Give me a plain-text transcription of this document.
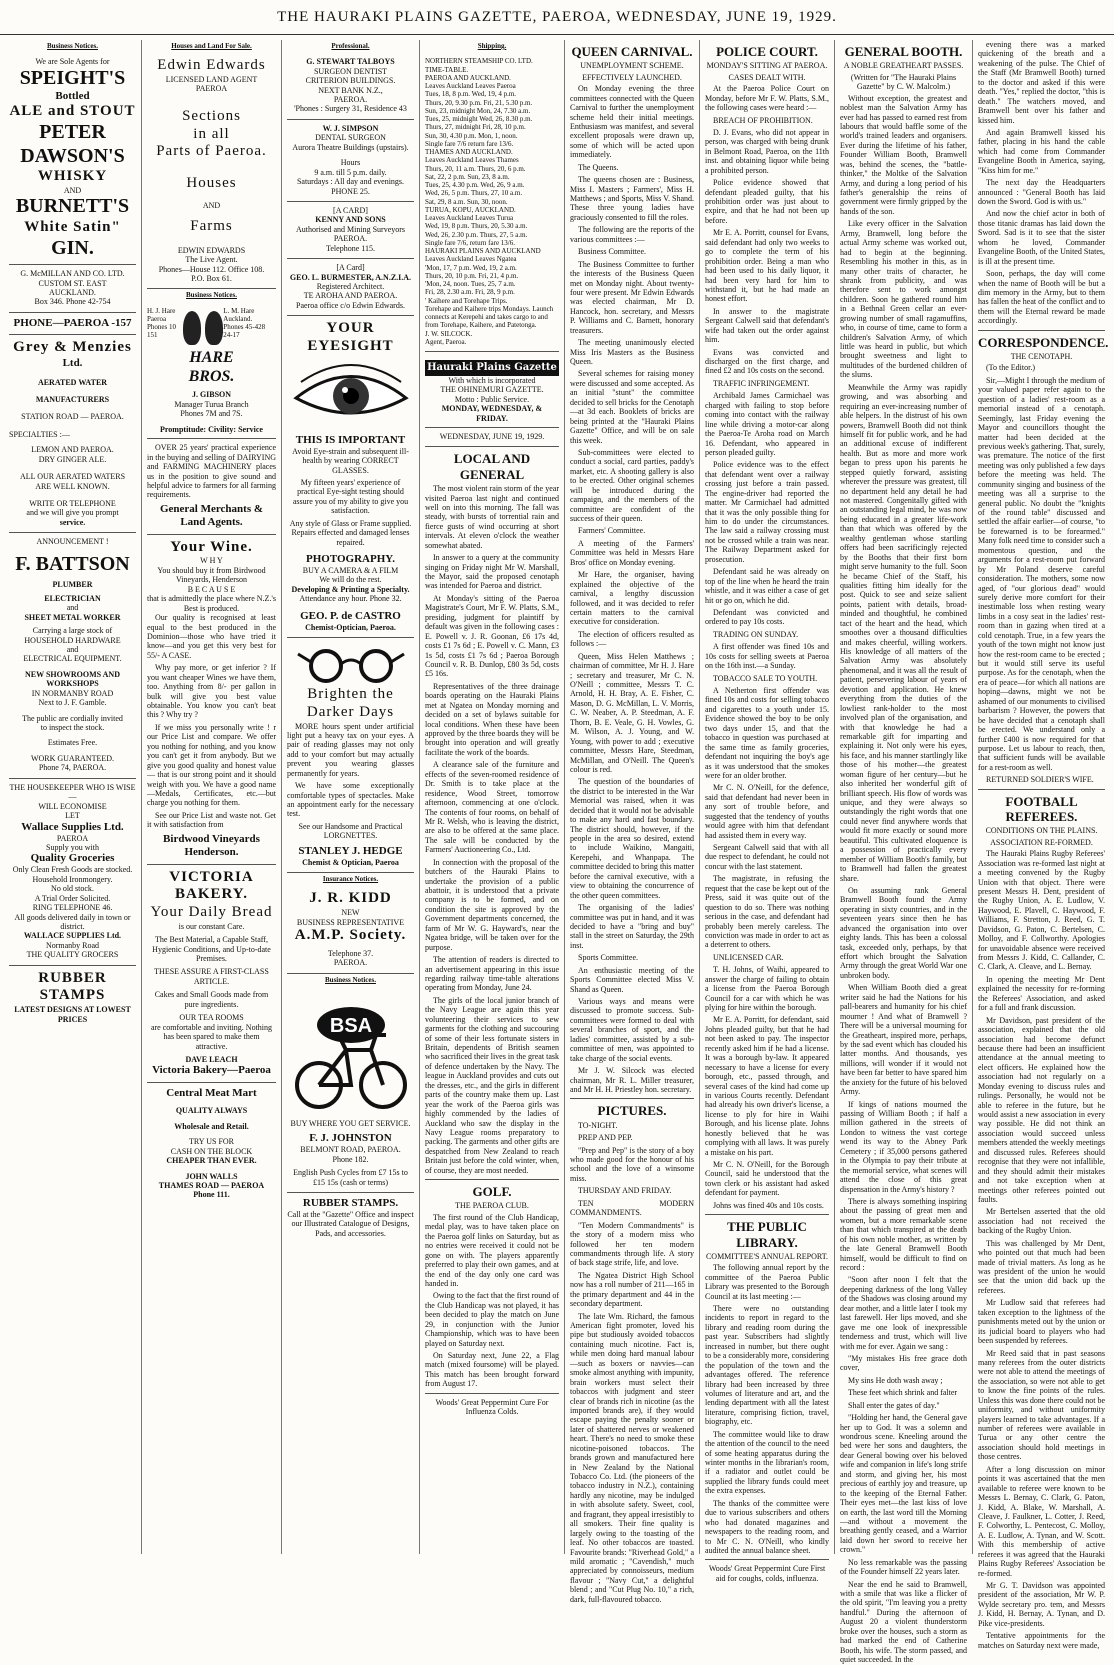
THE HAURAKI PLAINS GAZETTE, PAEROA, WEDNESDAY, JUNE 19, 1929.
Business Notices.
We are Sole Agents for
SPEIGHT'S
Bottled
ALE and STOUT
PETER
DAWSON'S
WHISKY
AND
BURNETT'S
White Satin"
GIN.
G. McMILLAN AND CO. LTD.
CUSTOM ST. EAST
AUCKLAND.
Box 346. Phone 42-754
PHONE—PAEROA -157
Grey & Menzies
Ltd.
AERATED WATER
MANUFACTURERS
STATION ROAD — PAEROA.
SPECIALTIES :—
LEMON AND PAEROA.
DRY GINGER ALE.
ALL OUR AERATED WATERS
ARE WELL KNOWN.
WRITE OR TELEPHONE
and we will give you prompt
service.
ANNOUNCEMENT !
F. BATTSON
PLUMBER
ELECTRICIAN
and
SHEET METAL WORKER
Carrying a large stock of
HOUSEHOLD HARDWARE
and
ELECTRICAL EQUIPMENT.
NEW SHOWROOMS AND WORKSHOPS
IN NORMANBY ROAD
Next to J. F. Gamble.
The public are cordially invited
to inspect the stock.
Estimates Free.
WORK GUARANTEED.
Phone 74, PAEROA.
THE HOUSEKEEPER WHO IS WISE—
WILL ECONOMISE
LET
Wallace Supplies Ltd.
PAEROA
Supply you with
Quality Groceries
Only Clean Fresh Goods are stocked.
Household Ironmongery.
No old stock.
A Trial Order Solicited.
RING TELEPHONE 46.
All goods delivered daily in town or district.
WALLACE SUPPLIES Ltd.
Normanby Road
THE QUALITY GROCERS
RUBBER STAMPS
LATEST DESIGNS AT LOWEST PRICES
Houses and Land For Sale.
Edwin Edwards
LICENSED LAND AGENT
PAEROA
Sections
in all
Parts of Paeroa.
Houses
AND
Farms
EDWIN EDWARDS
The Live Agent.
Phones—House 112. Office 108.
P.O. Box 61.
Business Notices.
H. J. Hare
Paeroa
Phones 10 151
L. M. Hare
Auckland.
Phones 45-428 24-17
HARE
BROS.
J. GIBSON
Manager Turua Branch
Phones 7M and 7S.
Promptitude: Civility: Service

OVER 25 years' practical experience in the buying and selling of DAIRYING and FARMING MACHINERY places us in the position to give sound and helpful advice to farmers for all farming requirements.

General Merchants & Land Agents.
Your Wine.
W H Y
You should buy it from Birdwood Vineyards, Henderson
B E C A U S E
that is admittedly the place where N.Z.'s Best is produced.

Our quality is recognised at least equal to the best produced in the Dominion—those who have tried it know—and you get this very best for 55/- A CASE.

Why pay more, or get inferior ? If you want cheaper Wines we have them, too. Anything from 8/- per gallon in bulk will give you best value obtainable. You know you can't beat this ? Why try ?

If we miss you personally write ! r our Price List and compare. We offer you nothing for nothing, and you know you can't get it from anybody. But we give you good quality and honest value — that is our strong point and it should weigh with you. We have a good name—Medals, Certificates, etc.—but charge you nothing for them.

See our Price List and waste not. Get it with satisfaction from

Birdwood Vineyards
Henderson.
VICTORIA BAKERY.
Your Daily Bread
is our constant Care.
The Best Material, a Capable Staff, Hygienic Conditions, and Up-to-date Premises.
THESE ASSURE A FIRST-CLASS ARTICLE.
Cakes and Small Goods made from pure ingredients.
OUR TEA ROOMS
are comfortable and inviting. Nothing has been spared to make them attractive.
DAVE LEACH
Victoria Bakery—Paeroa
Central Meat Mart
QUALITY ALWAYS
Wholesale and Retail.
TRY US FOR
CASH ON THE BLOCK
CHEAPER THAN EVER.
JOHN WALLS
THAMES ROAD — PAEROA
Phone 111.
Professional.
G. STEWART TALBOYS
SURGEON DENTIST
CRITERION BUILDINGS.
NEXT BANK N.Z.,
PAEROA.
'Phones : Surgery 31, Residence 43
W. J. SIMPSON
DENTAL SURGEON
Aurora Theatre Buildings (upstairs).
Hours
9 a.m. till 5 p.m. daily.
Saturdays : All day and evenings.
PHONE 25.
[A CARD]
KENNY AND SONS
Authorised and Mining Surveyors
PAEROA.
Telephone 115.
[A Card]
GEO. L. BURMESTER, A.N.Z.I.A.
Registered Architect.
TE AROHA AND PAEROA.
Paeroa office c/o Edwin Edwards.
YOUR EYESIGHT
THIS IS IMPORTANT
Avoid Eye-strain and subsequent ill-health by wearing CORRECT GLASSES.
My fifteen years' experience of practical Eye-sight testing should assure you of my ability to give you satisfaction.
Any style of Glass or Frame supplied.
Repairs effected and damaged lenses repaired.
PHOTOGRAPHY.
BUY A CAMERA & A FILM
We will do the rest.
Developing & Printing a Specialty.
Attendance any hour. Phone 32.
GEO. P. de CASTRO
Chemist-Optician, Paeroa.
Brighten the
Darker Days

MORE hours spent under artificial light put a heavy tax on your eyes. A pair of reading glasses may not only add to your comfort but may actually prevent you wearing glasses permanently for years.

We have some exceptionally comfortable types of spectacles. Make an appointment early for the necessary test.

See our Handsome and Practical LORGNETTES.
STANLEY J. HEDGE
Chemist & Optician, Paeroa
Insurance Notices.
J. R. KIDD
NEW
BUSINESS REPRESENTATIVE
A.M.P. Society.
Telephone 37.
PAEROA.
Business Notices.
BSA
BUY WHERE YOU GET SERVICE.
F. J. JOHNSTON
BELMONT ROAD, PAEROA.
Phone 182.
English Push Cycles from £7 15s to £15 15s (cash or terms)
RUBBER STAMPS.
Call at the "Gazette" Office and inspect our Illustrated Catalogue of Designs, Pads, and accessories.
Shipping.
NORTHERN STEAMSHIP CO. LTD.
TIME-TABLE.
PAEROA AND AUCKLAND.
Leaves Auckland Leaves Paeroa
Tues, 18, 8 p.m. Wed, 19, 4 p.m.
Thurs, 20, 9.30 p.m. Fri, 21, 5.30 p.m.
Sun, 23, midnight Mon, 24, 7.30 a.m.
Tues, 25, midnight Wed, 26, 8.30 p.m.
Thurs, 27, midnight Fri, 28, 10 p.m.
Sun, 30, 4.30 p.m. Mon, 1, noon.
Single fare 7/6 return fare 13/6.
THAMES AND AUCKLAND.
Leaves Auckland Leaves Thames
Thurs, 20, 11 a.m. Thurs, 20, 6 p.m.
Sat, 22, 2 p.m. Sun, 23, 8 a.m.
Tues, 25, 4.30 p.m. Wed, 26, 9 a.m.
Wed, 26, 5 p.m. Thurs, 27, 10 a.m.
Sat, 29, 8 a.m. Sun, 30, noon.
TURUA, KOPU, AUCKLAND.
Leaves Auckland Leaves Turua
Wed, 19, 8 p.m. Thurs, 20, 5.30 a.m.
Wed, 26, 2.30 p.m. Thurs, 27, 5 a.m.
Single fare 7/6, return fare 13/6.
HAURAKI PLAINS AND AUCKLAND
Leaves Auckland Leaves Ngatea
'Mon, 17, 7 p.m. Wed, 19, 2 a.m.
Thurs, 20, 10 p.m. Fri, 21, 4 p.m.
'Mon, 24, noon. Tues, 25, 7 a.m.
Fri, 28, 2.30 a.m. Fri, 28, 9 p.m.
' Kaihere and Torehape Trips.
Torehape and Kaihere trips Mondays. Launch connects at Kerepehi and takes cargo to and from Torehape, Kaihere, and Patetonga.
J. W. SILCOCK.
Agent, Paeroa.
Hauraki Plains Gazette
With which is incorporated
THE OHINEMURI GAZETTE.
Motto : Public Service.
MONDAY, WEDNESDAY, & FRIDAY.
WEDNESDAY, JUNE 19, 1929.
LOCAL AND GENERAL

The most violent rain storm of the year visited Paeroa last night and continued well on into this morning. The fall was steady, with bursts of torrential rain and fierce gusts of wind occurring at short intervals. At eleven o'clock the weather somewhat abated.

In answer to a query at the community singing on Friday night Mr W. Marshall, the Mayor, said the proposed cenotaph was intended for Paeroa and district.

At Monday's sitting of the Paeroa Magistrate's Court, Mr F. W. Platts, S.M., presiding, judgment for plaintiff by default was given in the following cases : E. Powell v. J. R. Goonan, £6 17s 4d, costs £1 7s 6d ; E. Powell v. C. Mann, £3 1s 5d, costs £1 7s 6d ; Paeroa Borough Council v. R. B. Dunlop, £80 3s 5d, costs £5 16s.

Representatives of the three drainage boards operating on the Hauraki Plains met at Ngatea on Monday morning and decided on a set of bylaws suitable for local conditions. When these have been approved by the three boards they will be brought into operation and will greatly facilitate the work of the boards.

A clearance sale of the furniture and effects of the seven-roomed residence of Dr. Smith is to take place at the residence, Wood Street, tomorrow afternoon, commencing at one o'clock. The contents of four rooms, on behalf of Mr R. Welsh, who is leaving the district, are also to be offered at the same place. The sale will be conducted by the Farmers' Auctioneering Co., Ltd.

In connection with the proposal of the butchers of the Hauraki Plains to undertake the provision of a public abattoir, it is understood that a private company is to be formed, and on condition the site is approved by the Government departments concerned, the farm of Mr W. G. Hayward's, near the Ngatea bridge, will be taken over for the purpose.

The attention of readers is directed to an advertisement appearing in this issue regarding railway time-table alterations operating from Monday, June 24.

The girls of the local junior branch of the Navy League are again this year volunteering their services to sew garments for the clothing and succouring of some of their less fortunate sisters in Britain, dependents of British seamen who sacrificed their lives in the great task of defence undertaken by the Navy. The league in Auckland provides and cuts out the dresses, etc., and the girls in different parts of the country make them up. Last year the work of the Paeroa girls was highly commended by the ladies of Auckland who saw the display in the Navy League rooms preparatory to packing. The garments and other gifts are despatched from New Zealand to reach Britain just before the cold winter, when, of course, they are most needed.

GOLF.
THE PAEROA CLUB.

The first round of the Club Handicap, medal play, was to have taken place on the Paeroa golf links on Saturday, but as no entries were received it could not be gone on with. The players apparently preferred to play their own games, and at the end of the day only one card was handed in.

Owing to the fact that the first round of the Club Handicap was not played, it has been decided to play the match on June 29, in conjunction with the Junior Championship, which was to have been played on Saturday next.

On Saturday next, June 22, a Flag match (mixed foursome) will be played. This match has been brought forward from August 17.

Woods' Great Peppermint Cure For Influenza Colds.
QUEEN CARNIVAL.
UNEMPLOYMENT SCHEME.
EFFECTIVELY LAUNCHED.

On Monday evening the three committees connected with the Queen Carnival to further the unemployment scheme held their initial meetings. Enthusiasm was manifest, and several excellent proposals were drawn up, some of which will be acted upon immediately.

The Queens.

The queens chosen are : Business, Miss I. Masters ; Farmers', Miss H. Matthews ; and Sports, Miss V. Shand. These three young ladies have graciously consented to fill the roles.

The following are the reports of the various committees :—

Business Committee.

The Business Committee to further the interests of the Business Queen met on Monday night. About twenty-four were present. Mr Edwin Edwards was elected chairman, Mr D. Hancock, hon. secretary, and Messrs P. Williams and C. Barnett, honorary treasurers.

The meeting unanimously elected Miss Iris Masters as the Business Queen.

Several schemes for raising money were discussed and some accepted. As an initial "stunt" the committee decided to sell bricks for the Cenotaph—at 3d each. Booklets of bricks are being printed at the "Hauraki Plains Gazette" Office, and will be on sale this week.

Sub-committees were elected to conduct a social, card parties, paddy's market, etc. A shooting gallery is also to be erected. Other original schemes will be introduced during the campaign, and the members of the committee are confident of the success of their queen.

Farmers' Committee.

A meeting of the Farmers' Committee was held in Messrs Hare Bros' office on Monday evening.

Mr Hare, the organiser, having explained the objective of the carnival, a lengthy discussion followed, and it was decided to refer certain matters to the carnival executive for consideration.

The election of officers resulted as follows :—

Queen, Miss Helen Matthews ; chairman of committee, Mr H. J. Hare ; secretary and treasurer, Mr C. N. O'Neill ; committee, Messrs T. C. Arnold, H. H. Bray, A. E. Fisher, C. Mason, D. G. McMillan, L. V. Morris, C. W. Neaber, A. P. Steedman, A. F. Thorn, B. E. Veale, G. H. Vowles, G. M. Wilson, A. J. Young, and W. Young, with power to add ; executive committee, Messrs Hare, Steedman, McMillan, and O'Neill. The Queen's colour is red.

The question of the boundaries of the district to be interested in the War Memorial was raised, when it was decided that it would not be advisable to make any hard and fast boundary. The district should, however, if the people in the area so desired, extend to include Waikino, Mangaiti, Kerepehi, and Whanpapa. The committee decided to bring this matter before the carnival executive, with a view to obtaining the concurrence of the other queen committees.

The organising of the ladies' committee was put in hand, and it was decided to have a "bring and buy" stall in the street on Saturday, the 29th inst.

Sports Committee.

An enthusiastic meeting of the Sports Committee elected Miss V. Shand as Queen.

Various ways and means were discussed to promote success. Sub-committees were formed to deal with several branches of sport, and the ladies' committee, assisted by a sub-committee of men, was appointed to take charge of the social events.

Mr J. W. Silcock was elected chairman, Mr R. L. Miller treasurer, and Mr H. H. Priestley hon. secretary.

PICTURES.

TO-NIGHT.

PREP AND PEP.

"Prep and Pep" is the story of a boy who made good for the honour of his school and the love of a winsome miss.

THURSDAY AND FRIDAY.

TEN MODERN COMMANDMENTS.

"Ten Modern Commandments" is the story of a modern miss who followed her ten modern commandments through life. A story of back stage strife, life, and love.

The Ngatea District High School now has a roll number of 211—165 in the primary department and 44 in the secondary department.

The late Wm. Richard, the famous American fight promoter, loved his pipe but studiously avoided tobaccos containing much nicotine. Fact is, while men doing hard manual labour—such as boxers or navvies—can smoke almost anything with impunity, brain workers must select their tobaccos with judgment and steer clear of brands rich in nicotine (as the imported brands are), if they would escape paying the penalty sooner or later of shattered nerves or weakened heart. There's no need to smoke these nicotine-poisoned tobaccos. The brands grown and manufactured here in New Zealand by the National Tobacco Co. Ltd. (the pioneers of the tobacco industry in N.Z.), containing hardly any nicotine, may be indulged in with absolute safety. Sweet, cool, and fragrant, they appeal irresistibly to all smokers. Their fine quality is largely owing to the toasting of the leaf. No other tobaccos are toasted. Favourite brands: "Riverhead Gold," a mild aromatic ; "Cavendish," much appreciated by connoisseurs, medium flavour ; "Navy Cut," a delightful blend ; and "Cut Plug No. 10," a rich, dark, full-flavoured tobacco.

POLICE COURT.
MONDAY'S SITTING AT PAEROA.
CASES DEALT WITH.

At the Paeroa Police Court on Monday, before Mr F. W. Platts, S.M., the following cases were heard :—

BREACH OF PROHIBITION.

D. J. Evans, who did not appear in person, was charged with being drunk in Belmont Road, Paeroa, on the 11th inst. and obtaining liquor while being a prohibited person.

Police evidence showed that defendant pleaded guilty, that his prohibition order was just about to expire, and that he had not been up before.

Mr E. A. Porritt, counsel for Evans, said defendant had only two weeks to go to complete the term of his prohibition order. Being a man who had been used to his daily liquor, it had been very hard for him to withstand it, but he had made an honest effort.

In answer to the magistrate Sergeant Calwell said that defendant's wife had taken out the order against him.

Evans was convicted and discharged on the first charge, and fined £2 and 10s costs on the second.

TRAFFIC INFRINGEMENT.

Archibald James Carmichael was charged with failing to stop before coming into contact with the railway line while driving a motor-car along the Paeroa-Te Aroha road on March 16. Defendant, who appeared in person pleaded guilty.

Police evidence was to the effect that defendant went over a railway crossing just before a train passed. The engine-driver had reported the matter. Mr Carmichael had admitted that it was the only possible thing for him to do under the circumstances. The law said a railway crossing must not be crossed while a train was near. The Railway Department asked for prosecution.

Defendant said he was already on top of the line when he heard the train whistle, and it was either a case of get hit or go on, which he did.

Defendant was convicted and ordered to pay 10s costs.

TRADING ON SUNDAY.

A first offender was fined 10s and 10s costs for selling sweets at Paeroa on the 16th inst.—a Sunday.

TOBACCO SALE TO YOUTH.

A Netherton first offender was fined 10s and costs for selling tobacco and cigarettes to a youth under 15. Evidence showed the boy to be only two days under 15, and that the tobacco in question was purchased at the same time as family groceries, defendant not inquiring the boy's age as it was understood that the smokes were for an older brother.

Mr C. N. O'Neill, for the defence, said that defendant had never been in any sort of trouble before, and suggested that the tendency of youths would agree with him that defendant had assisted them in every way.

Sergeant Calwell said that with all due respect to defendant, he could not concur with the last statement.

The magistrate, in refusing the request that the case be kept out of the Press, said it was quite out of the question to do so. There was nothing serious in the case, and defendant had probably been merely careless. The conviction was made in order to act as a deterrent to others.

UNLICENSED CAR.

T. H. Johns, of Waihi, appeared to answer the charge of failing to obtain a license from the Paeroa Borough Council for a car with which he was plying for hire within the borough.

Mr E. A. Porritt, for defendant, said Johns pleaded guilty, but that he had not been asked to pay. The inspector recently asked him if he had a license. It was a borough by-law. It appeared necessary to have a license for every borough, etc., passed through, and several cases of the kind had come up in various Courts recently. Defendant had already his own driver's license, a license to ply for hire in Waihi Borough, and his license plate. Johns honestly believed that he was complying with all laws. It was purely a mistake on his part.

Mr C. N. O'Neill, for the Borough Council, said he understood that the town clerk or his assistant had asked defendant for payment.

Johns was fined 40s and 10s costs.

THE PUBLIC LIBRARY.
COMMITTEE'S ANNUAL REPORT.

The following annual report by the committee of the Paeroa Public Library was presented to the Borough Council at its last meeting :—

There were no outstanding incidents to report in regard to the library and reading room during the past year. Subscribers had slightly increased in number, but there ought to be a considerably more, considering the population of the town and the advantages offered. The reference library had been increased by three volumes of literature and art, and the lending department with all the latest literature, comprising fiction, travel, biography, etc.

The committee would like to draw the attention of the council to the need of some heating apparatus during the winter months in the librarian's room, if a radiator and outlet could be supplied the library funds could meet the extra expenses.

The thanks of the committee were due to various subscribers and others who had donated magazines and newspapers to the reading room, and to Mr C. N. O'Neill, who kindly audited the annual balance sheet.

Woods' Great Peppermint Cure First aid for coughs, colds, influenza.
GENERAL BOOTH.
A NOBLE GREATHEART PASSES.
(Written for "The Hauraki Plains Gazette" by C. W. Malcolm.)

Without exception, the greatest and noblest man the Salvation Army has ever had has passed to earned rest from labours that would baffle some of the world's trained leaders and organisers. Ever during the lifetime of his father, Founder William Booth, Bramwell was, behind the scenes, the "battle-thinker," the Moltke of the Salvation Army, and during a long period of his father's generalship the reins of government were firmly gripped by the hands of the son.

Like every officer in the Salvation Army, Bramwell, long before the actual Army scheme was worked out, had to begin at the beginning. Resembling his mother in this, as in many other traits of character, he shrank from publicity, and was therefore sent to work amongst children. Soon he gathered round him in a Bethnal Green cellar an ever-growing number of small ragamuffins, who, in course of time, came to form a children's Salvation Army, of which little was heard in public, but which brought sweetness and light to multitudes of the burdened children of the slums.

Meanwhile the Army was rapidly growing, and was absorbing and requiring an ever-increasing number of able helpers. In the distrust of his own powers, Bramwell Booth did not think himself fit for public work, and he had an additional excuse of indifferent health. But as more and more work began to press upon his parents he stepped quietly forward, assisting wherever the pressure was greatest, till no department held any detail he had not mastered. Congenitally gifted with an outstanding legal mind, he was now being educated in a greater life-work than that which was offered by the wealthy gentleman whose startling offers had been sacrificingly rejected by the Booths that their first born might serve humanity to the full. Soon he became Chief of the Staff, his qualities fitting him ideally for the post. Quick to see and seize salient points, patient with details, broad-minded and thoughtful, he combined tact of the heart and the head, which smoothes over a thousand difficulties and makes cheerful, willing workers. His knowledge of all matters of the Salvation Army was absolutely phenomenal, and it was all the result of patient, persevering labour of years of devotion and application. He knew everything from the duties of the lowliest rank-holder to the most involved plan of the organisation, and with that knowledge he had a remarkable gift for imparting and explaining it. Not only were his eyes, his face, and his manner startlingly like those of his mother—the greatest woman figure of her century—but he also inherited her wonderful gift of brilliant speech. His flow of words was unique, and they were always so outstandingly the right words that one could never find anywhere words that would fit more exactly or sound more beautiful. This cultivated eloquence is a possession of practically every member of William Booth's family, but to Bramwell had fallen the greatest share.

On assuming rank General Bramwell Booth found the Army operating in sixty countries, and in the seventeen years since then he has advanced the organisation into over eighty lands. This has been a colossal task, exceeded only, perhaps, by that effort which brought the Salvation Army through the great World War one unbroken body.

When William Booth died a great writer said he had the Nations for his pall-bearers and humanity for his chief mourner ! And what of Bramwell ? There will be a universal mourning for the Greatheart, inspired more, perhaps, by the sad event which has clouded his latter months. And thousands, yes millions, will wonder if it would not have been far better to have spared him the anxiety for the future of his beloved Army.

If kings of nations mourned the passing of William Booth ; if half a million gathered in the streets of London to witness the vast cortege wend its way to the Abney Park Cemetery ; if 35,000 persons gathered in the Olympia to pay their tribute at the memorial service, what scenes will attend the close of this great dispensation in the Army's history ?

There is always something inspiring about the passing of great men and women, but a more remarkable scene than that which transpired at the death of his own noble mother, as written by the late General Bramwell Booth himself, would be difficult to find on record :

"Soon after noon I felt that the deepening darkness of the long Valley of the Shadows was closing around my dear mother, and a little later I took my last farewell. Her lips moved, and she gave me one look of inexpressible tenderness and trust, which will live with me for ever. Again we sang :

"My mistakes His free grace doth cover,

My sins He doth wash away ;

These feet which shrink and falter

Shall enter the gates of day."

"Holding her hand, the General gave her up to God. It was a solemn and wondrous scene. Kneeling around the bed were her sons and daughters, the dear General bowing over his beloved wife and companion in life's long strife and storm, and giving her, his most precious of earthly joy and treasure, up to the keeping of the Eternal Father. Their eyes met—the last kiss of love on earth, the last word till the Morning—and without a movement the breathing gently ceased, and a Warrior laid down her sword to receive her crown."

No less remarkable was the passing of the Founder himself 22 years later.

Near the end he said to Bramwell, with a smile that was like a flicker of the old spirit, "I'm leaving you a pretty handful." During the afternoon of August 20 a violent thunderstorm broke over the houses, such a storm as had marked the end of Catherine Booth, his wife. The storm passed, and quiet succeeded. In the

evening there was a marked quickening of the breath and a weakening of the pulse. The Chief of the Staff (Mr Bramwell Booth) turned to the doctor and asked if this were death. "Yes," replied the doctor, "this is death." The watchers moved, and Bramwell bent over his father and kissed him.

And again Bramwell kissed his father, placing in his hand the cable which had come from Commander Evangeline Booth in America, saying, "Kiss him for me."

The next day the Headquarters announced : "General Booth has laid down the Sword. God is with us."

And now the chief actor in both of those titanic dramas has laid down the Sword. Sad is it to see that the sister whom he loved, Commander Evangeline Booth, of the United States, is ill at the present time.

Soon, perhaps, the day will come when the name of Booth will be but a dim memory in the Army, but to them has fallen the heat of the conflict and to them will the Eternal reward be made accordingly.

CORRESPONDENCE.
THE CENOTAPH.

(To the Editor.)

Sir,—Might I through the medium of your valued paper refer again to the question of a ladies' rest-room as a memorial instead of a cenotaph. Seemingly, last Friday evening the Mayor and councillors thought the matter had been decided at the previous week's gathering. That, surely, was premature. The notice of the first meeting was only published a few days before the meeting was held. The community singing and business of the meeting was all a surprise to the general public. No doubt the "knights of the round table" discussed and settled the affair earlier—of course, "to be forewarned is to be forearmed." Many folk need time to consider such a momentous question, and the arguments for a rest-room put forward by Mr Poland deserve careful consideration. The mothers, some now aged, of "our glorious dead" would surely derive more comfort for their inestimable loss when resting weary limbs in a cosy seat in the ladies' rest-room than in gazing when tired at a cold cenotaph. True, in a few years the youth of the town might not know just how the rest-room came to be erected ; but it would still serve its useful purpose. As for the cenotaph, when the era of peace—for which all nations are hoping—dawns, might we not be ashamed of our monuments to civilised barbarism ? However, the powers that be have decided that a cenotaph shall be erected. We understand only a further £400 is now required for that purpose. Let us labour to reach, then, that sufficient funds will be available for a rest-room as well.

RETURNED SOLDIER'S WIFE.

FOOTBALL REFEREES.
CONDITIONS ON THE PLAINS.
ASSOCIATION RE-FORMED.

The Hauraki Plains Rugby Referees' Association was re-formed last night at a meeting convened by the Rugby Union with that object. There were present Messrs H. Dent, president of the Rugby Union, A. E. Ludlow, V. Haywood, E. Plavell, C. Haywood, F. Williams, F. Stretton, J. Reed, G. T. Davidson, G. Paton, C. Bertelsen, C. Molloy, and F. Collworthy. Apologies for unavoidable absence were received from Messrs J. Kidd, C. Callander, C. C. Clark, A. Cleave, and L. Bernay.

In opening the meeting Mr Dent explained the necessity for re-forming the Referees' Association, and asked for a full and frank discussion.

Mr Davidson, past president of the association, explained that the old association had become defunct because there had been an insufficient attendance at the annual meeting to elect officers. He explained how the association had not regularly on a Monday evening to discuss rules and rulings. Personally, he would not be able to referee in the future, but he would assist a new association in every way possible. He did not think an association would succeed unless members attended the weekly meetings and discussed rules. Referees should recognise that they were not infallible, and they should admit their mistakes and not take exception when at meetings other referees pointed out faults.

Mr Bertelsen asserted that the old association had not received the backing of the Rugby Union.

This was challenged by Mr Dent, who pointed out that much had been made of trivial matters. As long as he was president of the union he would see that the union did back up the referees.

Mr Ludlow said that referees had taken exception to the lightness of the punishments meted out by the union or its judicial board to players who had been suspended by referees.

Mr Reed said that in past seasons many referees from the outer districts were not able to attend the meetings of the association, so were not able to get to know the fine points of the rules. Unless this was done there could not be uniformity, and without uniformity players learned to take advantages. If a number of referees were available in Turua or any other centre the association should hold meetings in those centres.

After a long discussion on minor points it was ascertained that the men available to referee were known to be Messrs L. Bernay, C. Clark, G. Paton, J. Kidd, A. Blake, W. Marshall, A. Cleave, J. Faulkner, L. Cotter, J. Reed, F. Colworthy, L. Pentecost, C. Molloy, A. E. Ludlow, A. Tynan, and W. Scott. With this membership of active referees it was agreed that the Hauraki Plains Rugby Referees' Association be re-formed.

Mr G. T. Davidson was appointed president of the association, Mr W. P. Wylde secretary pro. tem, and Messrs J. Kidd, H. Bernay, A. Tynan, and D. Pike vice-presidents.

Tentative appointments for the matches on Saturday next were made,
